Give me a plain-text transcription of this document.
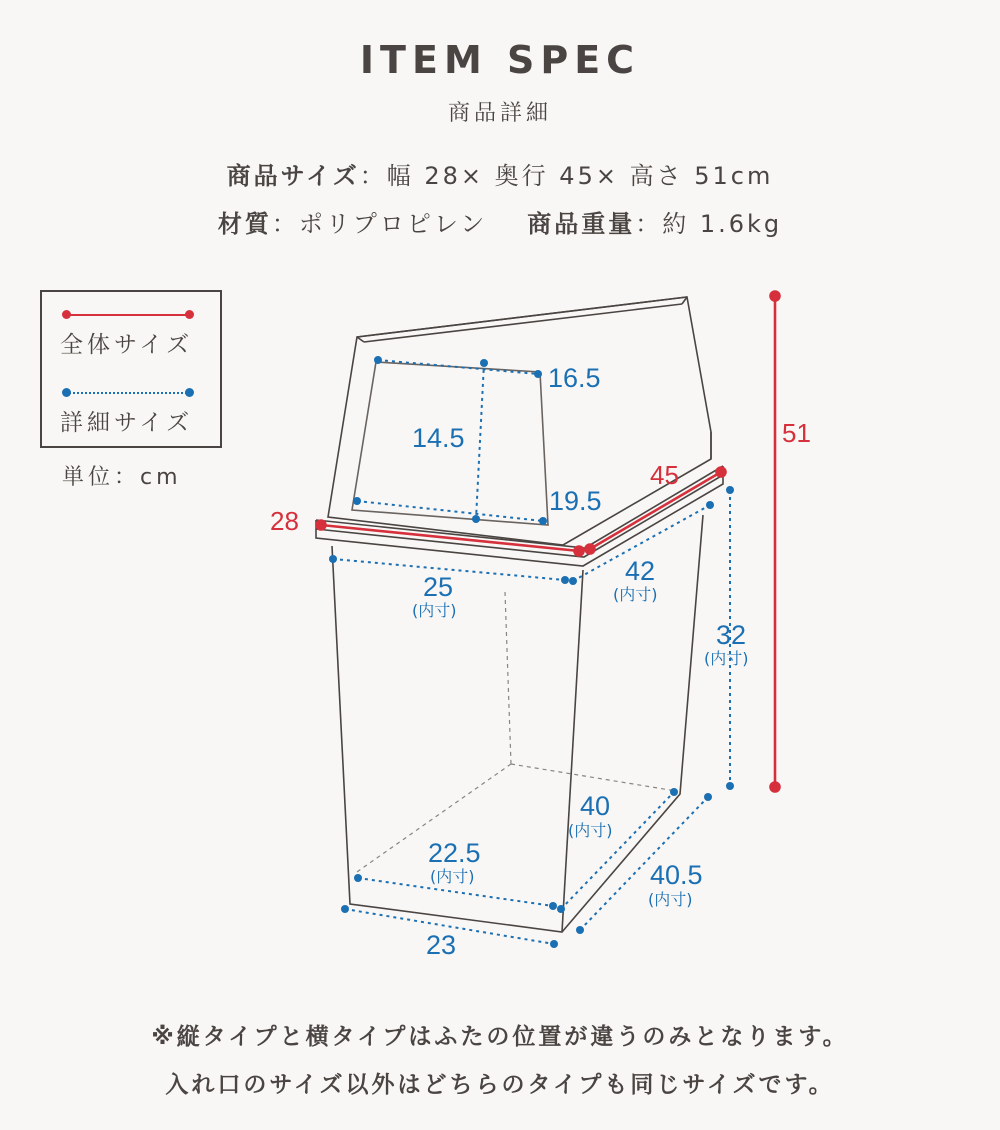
ITEM SPEC
商品詳細
商品サイズ：幅 28× 奥行 45× 高さ 51cm
材質：ポリプロピレン 商品重量：約 1.6kg
全体サイズ
詳細サイズ
単位：cm
51
28
45
16.5
14.5
19.5
25
42
32
40
22.5
40.5
23
(内寸)
(内寸)
(内寸)
(内寸)
(内寸)
(内寸)
※縦タイプと横タイプはふたの位置が違うのみとなります。
入れ口のサイズ以外はどちらのタイプも同じサイズです。
